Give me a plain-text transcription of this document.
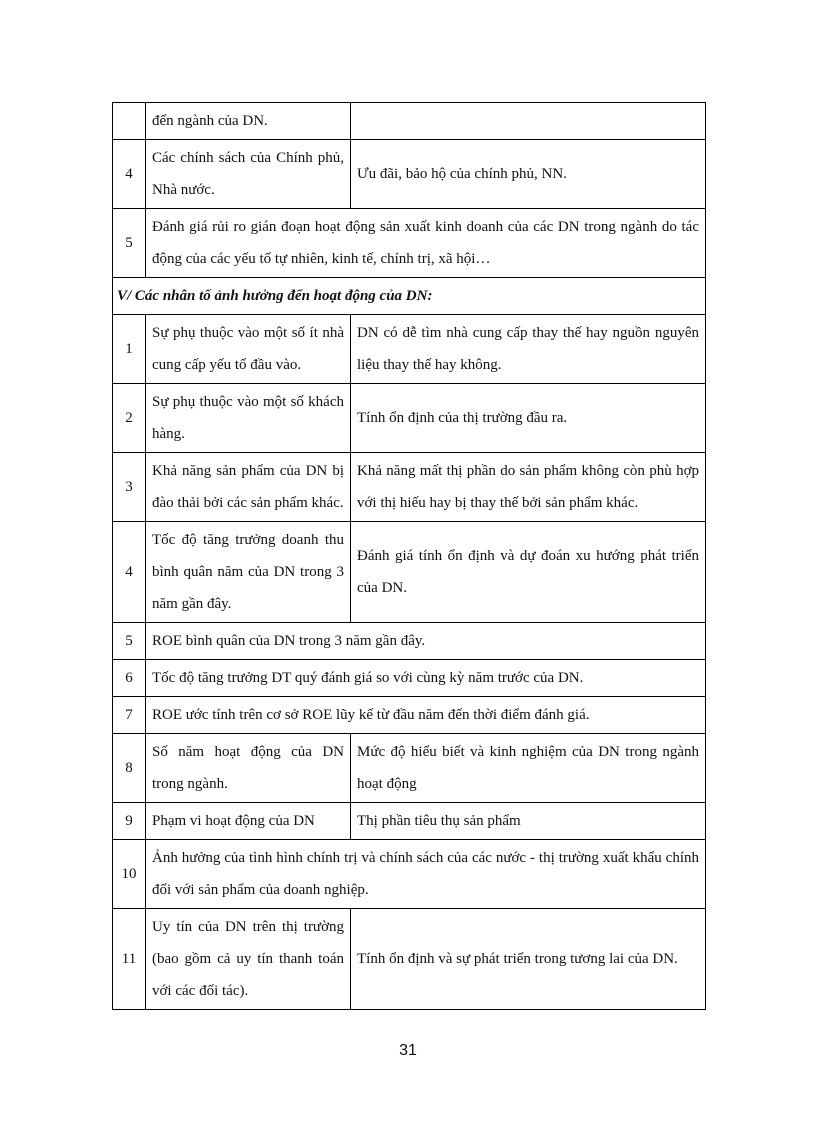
	đến ngành của DN.	
4	Các chính sách của Chính phủ, Nhà nước.	Ưu đãi, bảo hộ của chính phủ, NN.
5	Đánh giá rủi ro gián đoạn hoạt động sản xuất kinh doanh của các DN trong ngành do tác động của các yếu tố tự nhiên, kinh tế, chính trị, xã hội…	
V/ Các nhân tố ảnh hưởng đến hoạt động của DN:		
1	Sự phụ thuộc vào một số ít nhà cung cấp yếu tố đầu vào.	DN có dễ tìm nhà cung cấp thay thế hay nguồn nguyên liệu thay thế hay không.
2	Sự phụ thuộc vào một số khách hàng.	Tính ổn định của thị trường đầu ra.
3	Khả năng sản phẩm của DN bị đào thải bởi các sản phẩm khác.	Khả năng mất thị phần do sản phẩm không còn phù hợp với thị hiếu hay bị thay thế bởi sản phẩm khác.
4	Tốc độ tăng trưởng doanh thu bình quân năm của DN trong 3 năm gần đây.	Đánh giá tính ổn định và dự đoán xu hướng phát triển của DN.
5	ROE bình quân của DN trong 3 năm gần đây.	
6	Tốc độ tăng trưởng DT quý đánh giá so với cùng kỳ năm trước của DN.	
7	ROE ước tính trên cơ sở ROE lũy kế từ đầu năm đến thời điểm đánh giá.	
8	Số năm hoạt động của DN trong ngành.	Mức độ hiểu biết và kinh nghiệm của DN trong ngành hoạt động
9	Phạm vi hoạt động của DN	Thị phần tiêu thụ sản phẩm
10	Ảnh hưởng của tình hình chính trị và chính sách của các nước - thị trường xuất khẩu chính đối với sản phẩm của doanh nghiệp.	
11	Uy tín của DN trên thị trường (bao gồm cả uy tín thanh toán với các đối tác).	Tính ổn định và sự phát triển trong tương lai của DN.
31
